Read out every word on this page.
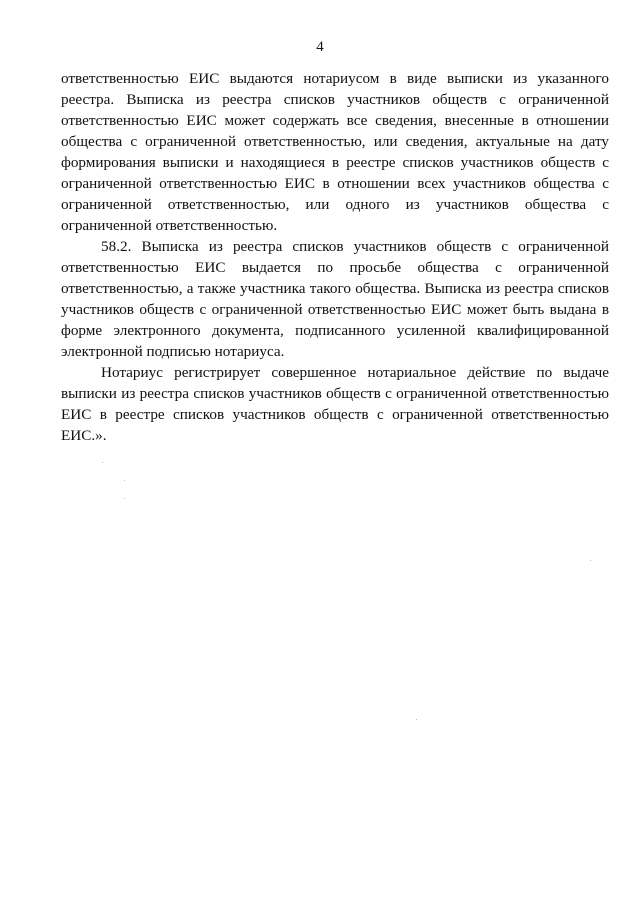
4

ответственностью ЕИС выдаются нотариусом в виде выписки из указанного реестра. Выписка из реестра списков участников обществ с ограниченной ответственностью ЕИС может содержать все сведения, внесенные в отношении общества с ограниченной ответственностью, или сведения, актуальные на дату формирования выписки и находящиеся в реестре списков участников обществ с ограниченной ответственностью ЕИС в отношении всех участников общества с ограниченной ответственностью, или одного из участников общества с ограниченной ответственностью.

58.2. Выписка из реестра списков участников обществ с ограниченной ответственностью ЕИС выдается по просьбе общества с ограниченной ответственностью, а также участника такого общества. Выписка из реестра списков участников обществ с ограниченной ответственностью ЕИС может быть выдана в форме электронного документа, подписанного усиленной квалифицированной электронной подписью нотариуса.

Нотариус регистрирует совершенное нотариальное действие по выдаче выписки из реестра списков участников обществ с ограниченной ответственностью ЕИС в реестре списков участников обществ с ограниченной ответственностью ЕИС.».
